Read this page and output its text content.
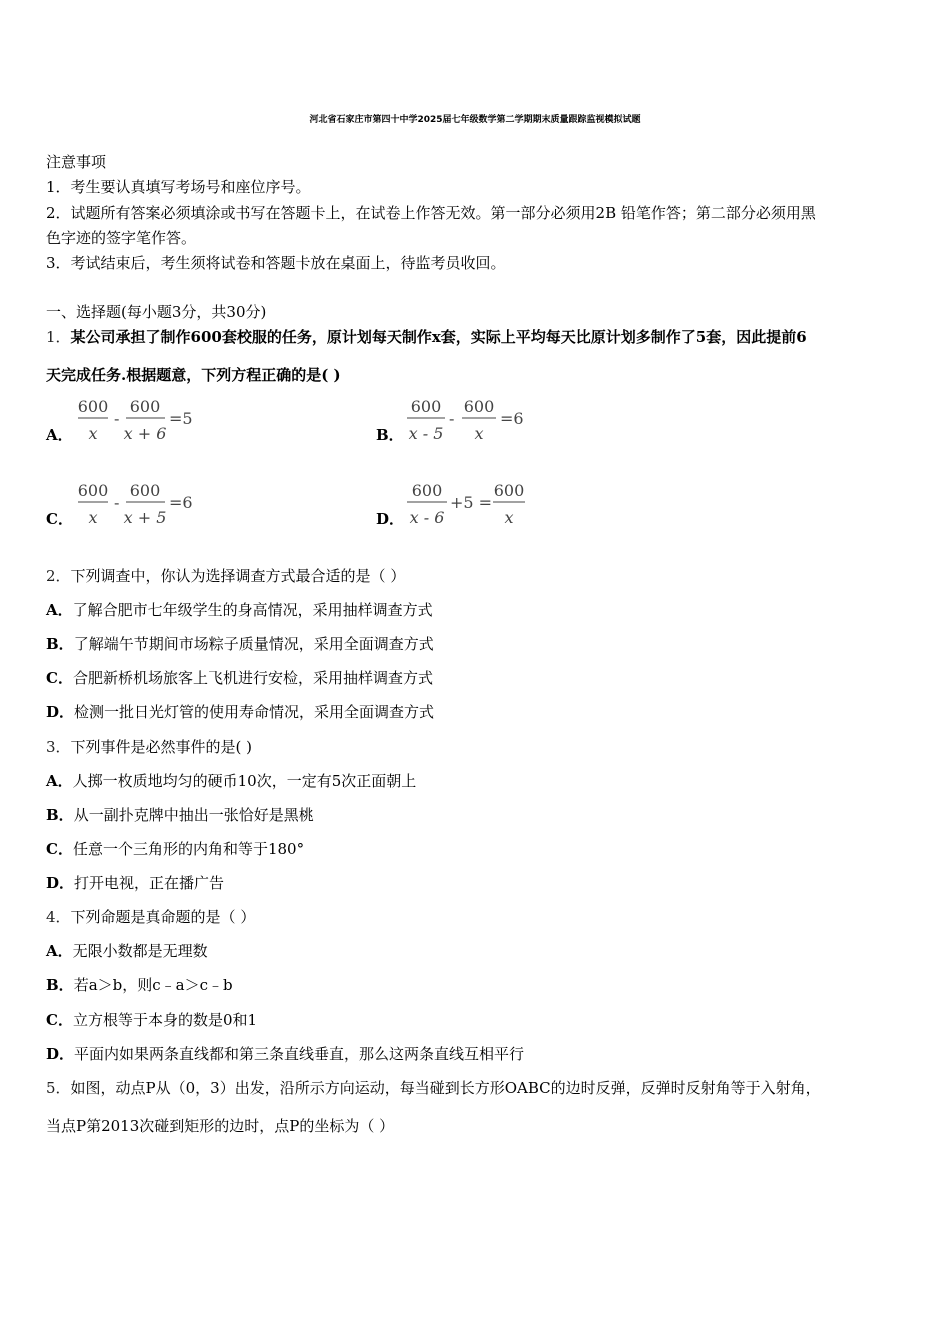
河北省石家庄市第四十中学2025届七年级数学第二学期期末质量跟踪监视模拟试题
注意事项
1．考生要认真填写考场号和座位序号。
2．试题所有答案必须填涂或书写在答题卡上，在试卷上作答无效。第一部分必须用2B 铅笔作答；第二部分必须用黑
色字迹的签字笔作答。
3．考试结束后，考生须将试卷和答题卡放在桌面上，待监考员收回。
一、选择题(每小题3分，共30分)
1．某公司承担了制作600套校服的任务，原计划每天制作x套，实际上平均每天比原计划多制作了5套，因此提前6
天完成任务.根据题意，下列方程正确的是( )
A．
600
x
-
600
x + 6
=5
B．
600
x - 5
-
600
x
=6
C．
600
x
-
600
x + 5
=6
D．
600
x - 6
+5 =
600
x
2．下列调查中，你认为选择调查方式最合适的是（ ）
A．了解合肥市七年级学生的身高情况，采用抽样调查方式
B．了解端午节期间市场粽子质量情况，采用全面调查方式
C．合肥新桥机场旅客上飞机进行安检，采用抽样调查方式
D．检测一批日光灯管的使用寿命情况，采用全面调查方式
3．下列事件是必然事件的是( )
A．人掷一枚质地均匀的硬币10次，一定有5次正面朝上
B．从一副扑克牌中抽出一张恰好是黑桃
C．任意一个三角形的内角和等于180°
D．打开电视，正在播广告
4．下列命题是真命题的是（ ）
A．无限小数都是无理数
B．若a＞b，则c﹣a＞c﹣b
C．立方根等于本身的数是0和1
D．平面内如果两条直线都和第三条直线垂直，那么这两条直线互相平行
5．如图，动点P从（0，3）出发，沿所示方向运动，每当碰到长方形OABC的边时反弹，反弹时反射角等于入射角，
当点P第2013次碰到矩形的边时，点P的坐标为（ ）
